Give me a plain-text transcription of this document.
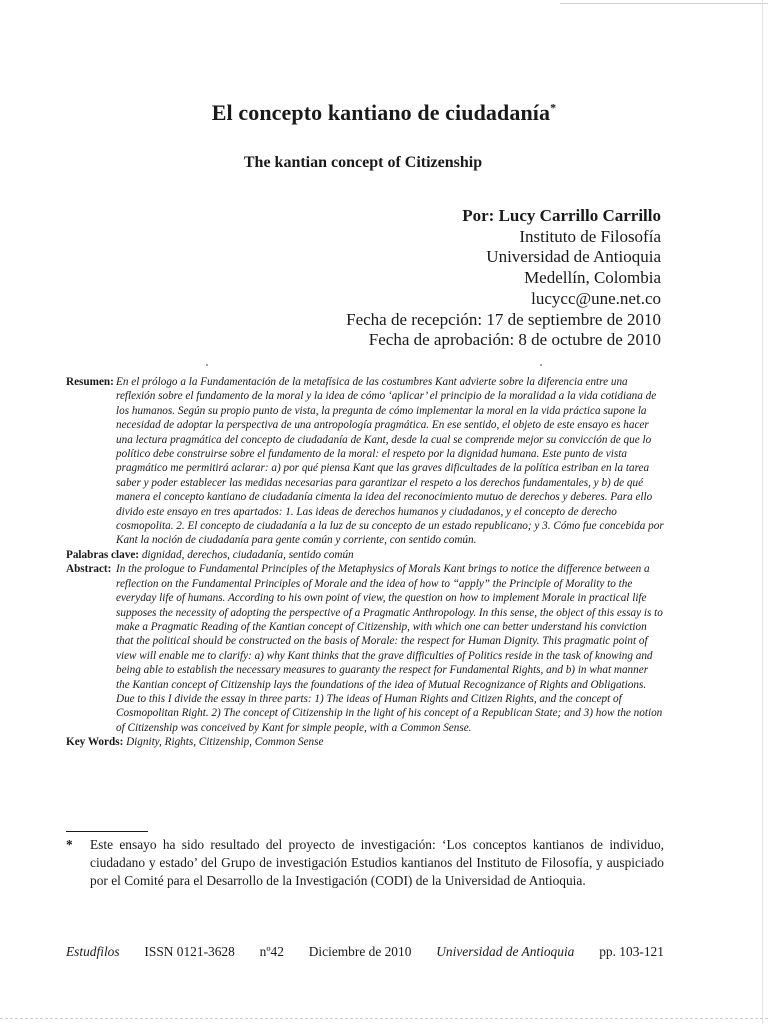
El concepto kantiano de ciudadanía*
The kantian concept of Citizenship
Por: Lucy Carrillo Carrillo
Instituto de Filosofía
Universidad de Antioquia
Medellín, Colombia
lucycc@une.net.co
Fecha de recepción: 17 de septiembre de 2010
Fecha de aprobación: 8 de octubre de 2010

Resumen: En el prólogo a la Fundamentación de la metafísica de las costumbres Kant advierte sobre la diferencia entre una reflexión sobre el fundamento de la moral y la idea de cómo ‘aplicar’ el principio de la moralidad a la vida cotidiana de los humanos. Según su propio punto de vista, la pregunta de cómo implementar la moral en la vida práctica supone la necesidad de adoptar la perspectiva de una antropología pragmática. En ese sentido, el objeto de este ensayo es hacer una lectura pragmática del concepto de ciudadanía de Kant, desde la cual se comprende mejor su convicción de que lo político debe construirse sobre el fundamento de la moral: el respeto por la dignidad humana. Este punto de vista pragmático me permitirá aclarar: a) por qué piensa Kant que las graves dificultades de la política estriban en la tarea saber y poder establecer las medidas necesarias para garantizar el respeto a los derechos fundamentales, y b) de qué manera el concepto kantiano de ciudadanía cimenta la idea del reconocimiento mutuo de derechos y deberes. Para ello divido este ensayo en tres apartados: 1. Las ideas de derechos humanos y ciudadanos, y el concepto de derecho cosmopolita. 2. El concepto de ciudadanía a la luz de su concepto de un estado republicano; y 3. Cómo fue concebida por Kant la noción de ciudadanía para gente común y corriente, con sentido común.

Palabras clave: dignidad, derechos, ciudadanía, sentido común

Abstract: In the prologue to Fundamental Principles of the Metaphysics of Morals Kant brings to notice the difference between a reflection on the Fundamental Principles of Morale and the idea of how to “apply” the Principle of Morality to the everyday life of humans. According to his own point of view, the question on how to implement Morale in practical life supposes the necessity of adopting the perspective of a Pragmatic Anthropology. In this sense, the object of this essay is to make a Pragmatic Reading of the Kantian concept of Citizenship, with which one can better understand his conviction that the political should be constructed on the basis of Morale: the respect for Human Dignity. This pragmatic point of view will enable me to clarify: a) why Kant thinks that the grave difficulties of Politics reside in the task of knowing and being able to establish the necessary measures to guaranty the respect for Fundamental Rights, and b) in what manner the Kantian concept of Citizenship lays the foundations of the idea of Mutual Recognizance of Rights and Obligations. Due to this I divide the essay in three parts: 1) The ideas of Human Rights and Citizen Rights, and the concept of Cosmopolitan Right. 2) The concept of Citizenship in the light of his concept of a Republican State; and 3) how the notion of Citizenship was conceived by Kant for simple people, with a Common Sense.

Key Words: Dignity, Rights, Citizenship, Common Sense

*	Este ensayo ha sido resultado del proyecto de investigación: ‘Los conceptos kantianos de individuo, ciudadano y estado’ del Grupo de investigación Estudios kantianos del Instituto de Filosofía, y auspiciado por el Comité para el Desarrollo de la Investigación (CODI) de la Universidad de Antioquia.
Estudfilos ISSN 0121-3628 nº42 Diciembre de 2010 Universidad de Antioquia pp. 103-121
